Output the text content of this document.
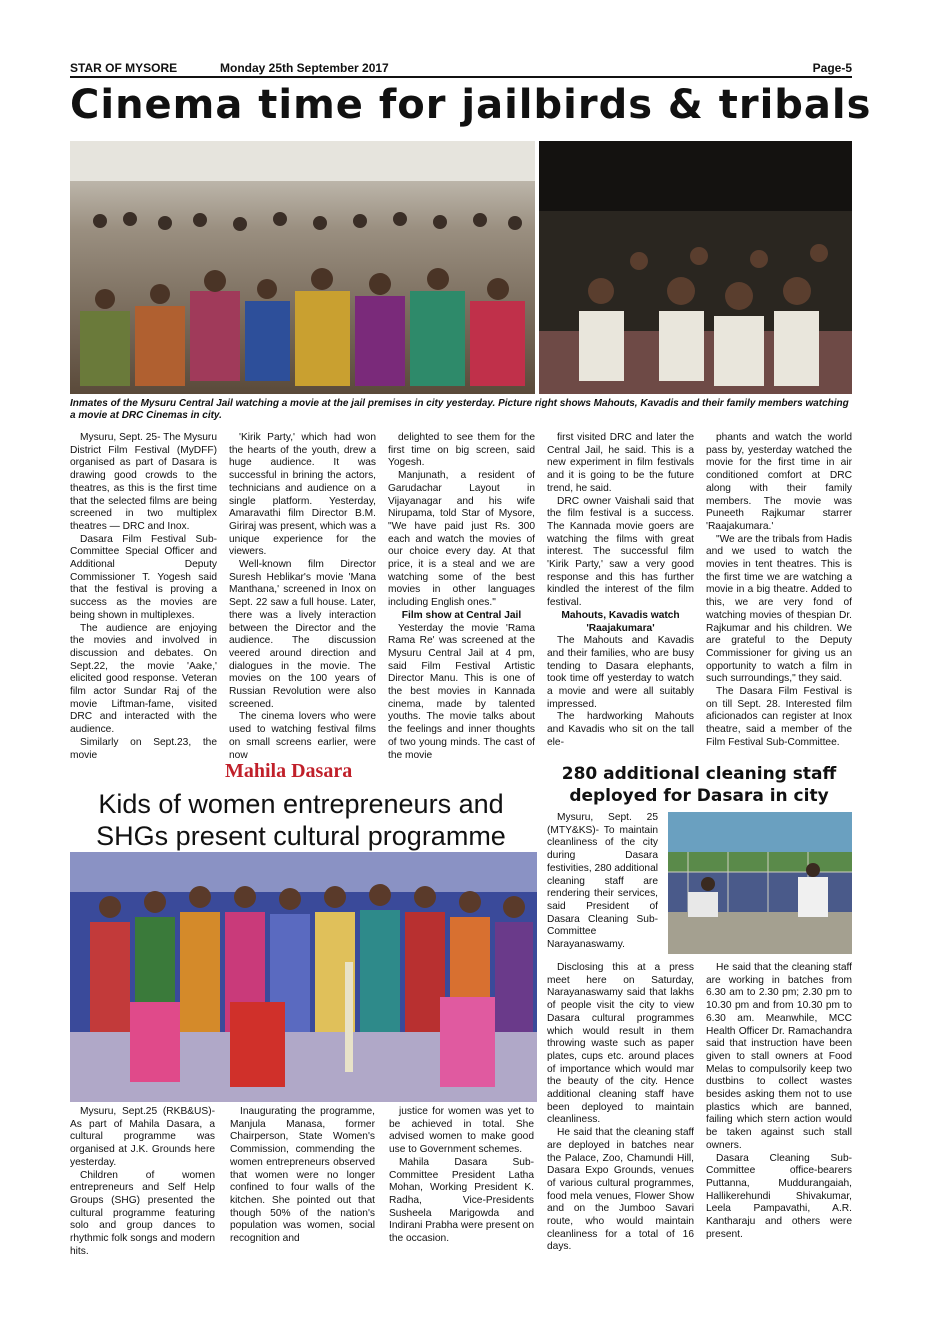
STAR OF MYSORE	Monday 25th September 2017	Page-5
Cinema time for jailbirds & tribals
Inmates of the Mysuru Central Jail watching a movie at the jail premises in city yesterday. Picture right shows Mahouts, Kavadis and their family members watching a movie at DRC Cinemas in city.

Mysuru, Sept. 25- The Mysuru District Film Festival (MyDFF) organised as part of Dasara is drawing good crowds to the theatres, as this is the first time that the selected films are being screened in two multiplex theatres — DRC and Inox.

Dasara Film Festival Sub-Committee Special Officer and Additional Deputy Commissioner T. Yogesh said that the festival is proving a success as the movies are being shown in multiplexes.

The audience are enjoying the movies and involved in discussion and debates. On Sept.22, the movie 'Aake,' elicited good response. Veteran film actor Sundar Raj of the movie Liftman-fame, visited DRC and interacted with the audience.

Similarly on Sept.23, the movie

'Kirik Party,' which had won the hearts of the youth, drew a huge audience. It was successful in brining the actors, technicians and audience on a single platform. Yesterday, Amaravathi film Director B.M. Giriraj was present, which was a unique experience for the viewers.

Well-known film Director Suresh Heblikar's movie 'Mana Manthana,' screened in Inox on Sept. 22 saw a full house. Later, there was a lively interaction between the Director and the audience. The discussion veered around direction and dialogues in the movie. The movies on the 100 years of Russian Revolution were also screened.

The cinema lovers who were used to watching festival films on small screens earlier, were now

delighted to see them for the first time on big screen, said Yogesh.

Manjunath, a resident of Garudachar Layout in Vijayanagar and his wife Nirupama, told Star of Mysore, "We have paid just Rs. 300 each and watch the movies of our choice every day. At that price, it is a steal and we are watching some of the best movies in other languages including English ones."

Film show at Central Jail

Yesterday the movie 'Rama Rama Re' was screened at the Mysuru Central Jail at 4 pm, said Film Festival Artistic Director Manu. This is one of the best movies in Kannada cinema, made by talented youths. The movie talks about the feelings and inner thoughts of two young minds. The cast of the movie

first visited DRC and later the Central Jail, he said. This is a new experiment in film festivals and it is going to be the future trend, he said.

DRC owner Vaishali said that the film festival is a success. The Kannada movie goers are watching the films with great interest. The successful film 'Kirik Party,' saw a very good response and this has further kindled the interest of the film festival.

Mahouts, Kavadis watch 'Raajakumara'

The Mahouts and Kavadis and their families, who are busy tending to Dasara elephants, took time off yesterday to watch a movie and were all suitably impressed.

The hardworking Mahouts and Kavadis who sit on the tall ele-

phants and watch the world pass by, yesterday watched the movie for the first time in air conditioned comfort at DRC along with their family members. The movie was Puneeth Rajkumar starrer 'Raajakumara.'

"We are the tribals from Hadis and we used to watch the movies in tent theatres. This is the first time we are watching a movie in a big theatre. Added to this, we are very fond of watching movies of thespian Dr. Rajkumar and his children. We are grateful to the Deputy Commissioner for giving us an opportunity to watch a film in such surroundings," they said.

The Dasara Film Festival is on till Sept. 28. Interested film aficionados can register at Inox theatre, said a member of the Film Festival Sub-Committee.

Mahila Dasara
Kids of women entrepreneurs and
SHGs present cultural programme

Mysuru, Sept.25 (RKB&US)- As part of Mahila Dasara, a cultural programme was organised at J.K. Grounds here yesterday.

Children of women entrepreneurs and Self Help Groups (SHG) presented the cultural programme featuring solo and group dances to rhythmic folk songs and modern hits.

Inaugurating the programme, Manjula Manasa, former Chairperson, State Women's Commission, commending the women entrepreneurs observed that women were no longer confined to four walls of the kitchen. She pointed out that though 50% of the nation's population was women, social recognition and

justice for women was yet to be achieved in total. She advised women to make good use to Government schemes.

Mahila Dasara Sub-Committee President Latha Mohan, Working President K. Radha, Vice-Presidents Susheela Marigowda and Indirani Prabha were present on the occasion.

280 additional cleaning staff
deployed for Dasara in city

Mysuru, Sept. 25 (MTY&KS)- To maintain cleanliness of the city during Dasara festivities, 280 additional cleaning staff are rendering their services, said President of Dasara Cleaning Sub-Committee Narayanaswamy.

Disclosing this at a press meet here on Saturday, Narayanaswamy said that lakhs of people visit the city to view Dasara cultural programmes which would result in them throwing waste such as paper plates, cups etc. around places of importance which would mar the beauty of the city. Hence additional cleaning staff have been deployed to maintain cleanliness.

He said that the cleaning staff are deployed in batches near the Palace, Zoo, Chamundi Hill, Dasara Expo Grounds, venues of various cultural programmes, food mela venues, Flower Show and on the Jumboo Savari route, who would maintain cleanliness for a total of 16 days.

He said that the cleaning staff are working in batches from 6.30 am to 2.30 pm; 2.30 pm to 10.30 pm and from 10.30 pm to 6.30 am. Meanwhile, MCC Health Officer Dr. Ramachandra said that instruction have been given to stall owners at Food Melas to compulsorily keep two dustbins to collect wastes besides asking them not to use plastics which are banned, failing which stern action would be taken against such stall owners.

Dasara Cleaning Sub-Committee office-bearers Puttanna, Muddurangaiah, Hallikerehundi Shivakumar, Leela Pampavathi, A.R. Kantharaju and others were present.
